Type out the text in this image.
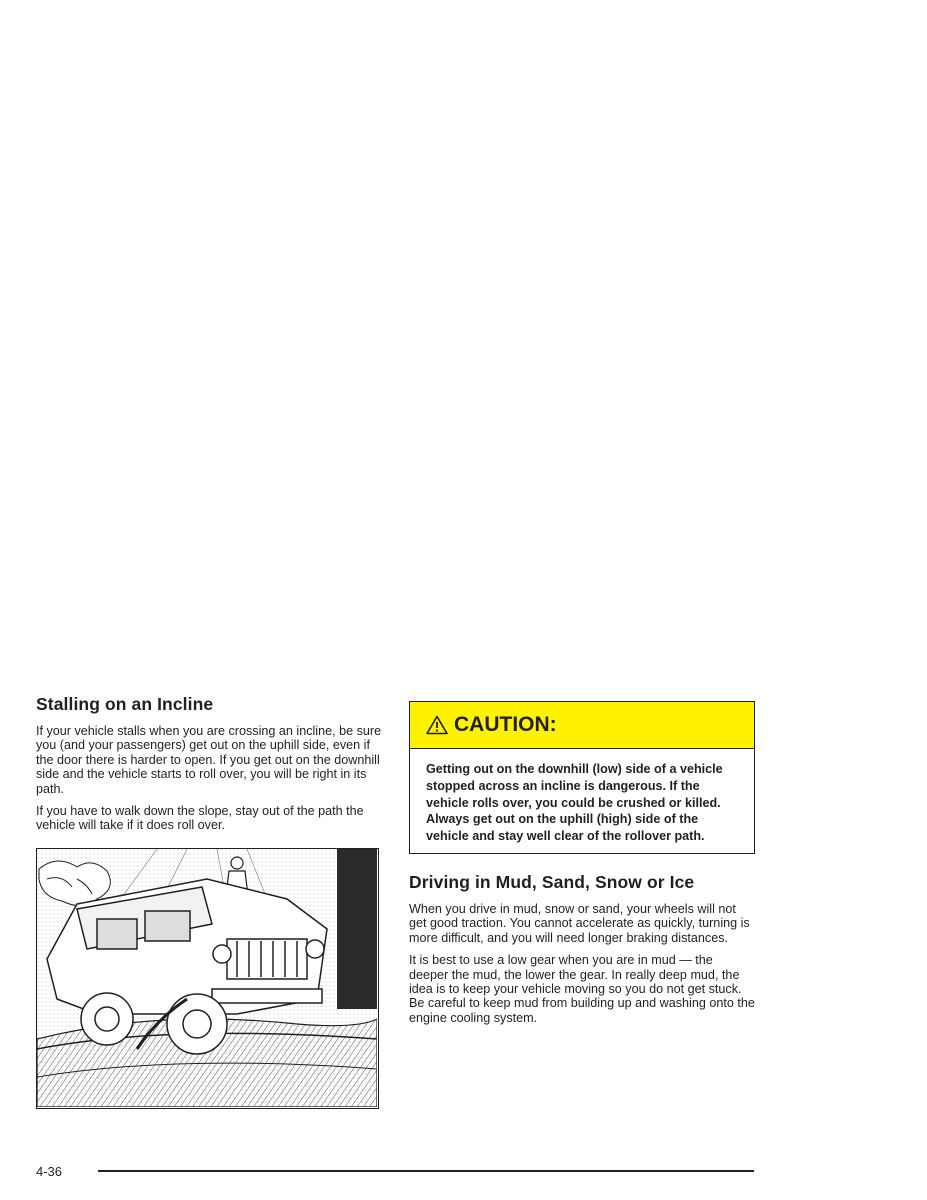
Stalling on an Incline

If your vehicle stalls when you are crossing an incline, be sure you (and your passengers) get out on the uphill side, even if the door there is harder to open. If you get out on the downhill side and the vehicle starts to roll over, you will be right in its path.

If you have to walk down the slope, stay out of the path the vehicle will take if it does roll over.

CAUTION:
Getting out on the downhill (low) side of a vehicle stopped across an incline is dangerous. If the vehicle rolls over, you could be crushed or killed. Always get out on the uphill (high) side of the vehicle and stay well clear of the rollover path.
Driving in Mud, Sand, Snow or Ice

When you drive in mud, snow or sand, your wheels will not get good traction. You cannot accelerate as quickly, turning is more difficult, and you will need longer braking distances.

It is best to use a low gear when you are in mud — the deeper the mud, the lower the gear. In really deep mud, the idea is to keep your vehicle moving so you do not get stuck. Be careful to keep mud from building up and washing onto the engine cooling system.

4-36
